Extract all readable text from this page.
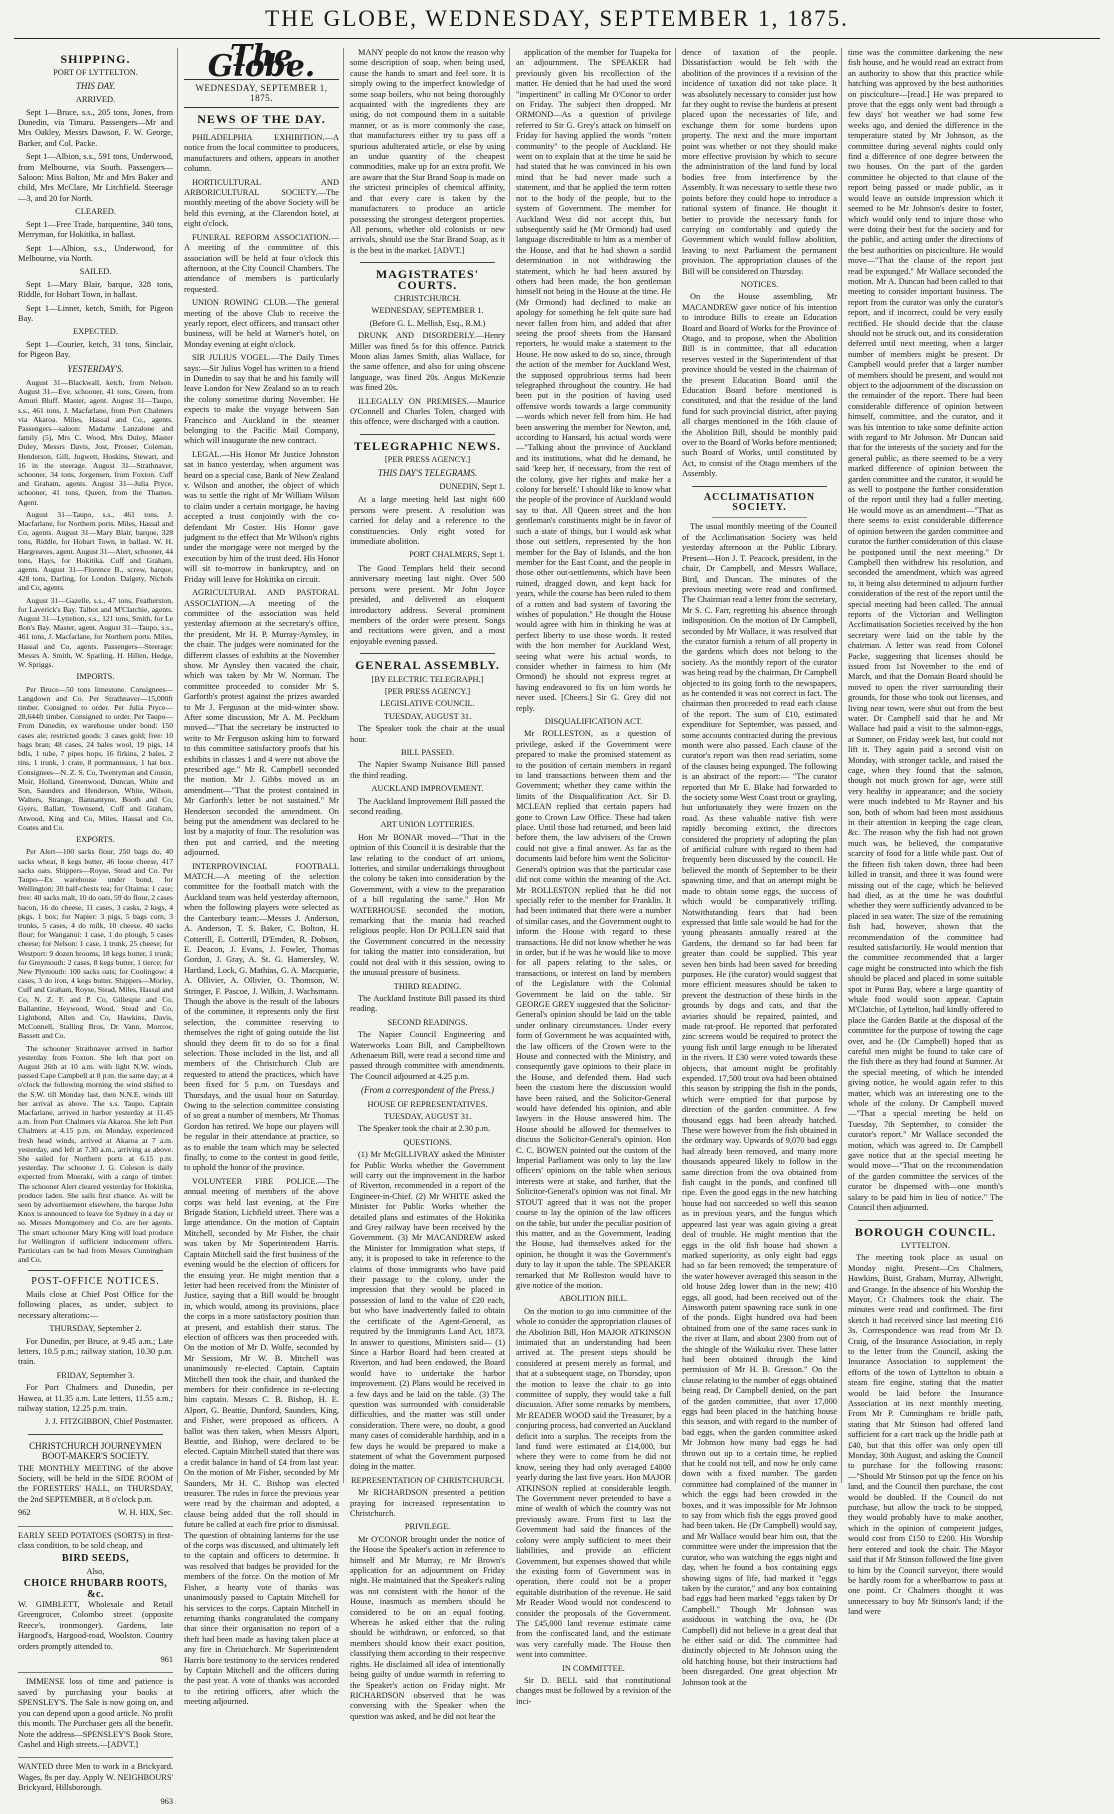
THE GLOBE, WEDNESDAY, SEPTEMBER 1, 1875.
SHIPPING.
PORT OF LYTTELTON.
THIS DAY.
ARRIVED.

Sept 1—Bruce, s.s., 205 tons, Jones, from Dunedin, via Timaru. Passengers—Mr and Mrs Oakley, Messrs Dawson, F. W. George, Barker, and Col. Packe.

Sept 1—Albion, s.s., 591 tons, Underwood, from Melbourne, via South. Passengers—Saloon: Miss Bolton, Mr and Mrs Baker and child, Mrs McClare, Mr Litchfield. Steerage—3, and 20 for North.

CLEARED.

Sept 1—Free Trade, barquentine, 340 tons, Merryman, for Hokitika, in ballast.

Sept 1—Albion, s.s., Underwood, for Melbourne, via North.

SAILED.

Sept 1—Mary Blair, barque, 328 tons, Riddle, for Hobart Town, in ballast.

Sept 1—Linnet, ketch, Smith, for Pigeon Bay.

EXPECTED.

Sept 1—Courier, ketch, 31 tons, Sinclair, for Pigeon Bay.

YESTERDAY'S.

August 31—Blackwall, ketch, from Nelson. August 31—Eve, schooner, 41 tons, Green, from Amuri Bluff. Master, agent. August 31—Taupo, s.s., 461 tons, J. Macfarlane, from Port Chalmers via Akaroa. Miles, Hassal and Co., agents. Passengers—saloon: Madame Lanzalone and family (5), Mrs C. Wood, Mrs Duley, Master Duley, Messrs Davis, Jost, Prosser, Coleman, Henderson, Gill, Jugwett, Hoskins, Stewart, and 16 in the steerage. August 31—Strathnaver, schooner, 34 tons, Jorgensen, from Foxton. Cuff and Graham, agents. August 31—Julia Pryce, schooner, 41 tons, Queen, from the Thames. Agent.

August 31—Taupo, s.s., 461 tons, J. Macfarlane, for Northern ports. Miles, Hassal and Co, agents. August 31—Mary Blair, barque, 328 tons, Riddle, for Hobart Town, in ballast. W. H. Hargreaves, agent. August 31—Alert, schooner, 44 tons, Hays, for Hokitika. Cuff and Graham, agents. August 31—Florence B., screw, barque, 428 tons, Darling, for London. Dalgety, Nichols and Co, agents.

August 31—Gazelle, s.s., 47 tons, Featherston, for Laverick's Bay. Talbot and M'Clatchie, agents. August 31—Lyttelton, s.s., 121 tons, Smith, for Le Bon's Bay. Master, agent. August 31—Taupo, s.s., 461 tons, J. Macfarlane, for Northern ports. Miles, Hassal and Co, agents. Passengers—Steerage: Messrs A. Smith, W. Sparling, H. Hillen, Hedge, W. Spriggs.

IMPORTS.

Per Bruce—50 tons limestone. Consignees—Langdown and Co. Per Strathnaver—15,000ft timber. Consigned to order. Per Julia Pryce—28,644ft timber. Consigned to order. Per Taupo—From Dunedin, ex warehouse under bond: 150 cases ale; restricted goods: 3 cases gold; free: 10 bags bran; 48 cases, 24 bales wool, 19 pigs, 14 bdls, 1 tube, 7 pipes hops, 16 firkins, 2 bales, 2 tins, 1 trunk, 1 crate, 8 portmanteaux, 1 hat box. Consignees—N. Z. S. Co, Twentyman and Cousin, Moir, Holland, Greenwood, Duncan, White and Son, Saunders and Henderson, White, Wilson, Walters, Strange, Bannantyne, Booth and Co, Gyers, Ballatt, Townsend, Cuff and Graham, Atwood, King and Co, Miles, Hassal and Co, Coates and Co.

EXPORTS.

Per Alert—100 sacks flour, 250 bags do, 40 sacks wheat, 8 kegs butter, 46 loose cheese, 417 sacks oats. Shippers—Royse, Stead and Co. Per Taupo—Ex warehouse under bond, for Wellington: 30 half-chests tea; for Otaima: 1 case; free: 40 sacks malt, 10 do oats, 59 do flour, 2 cases bacon, 16 do cheese, 11 cases, 3 casks, 2 kegs, 4 pkgs, 1 box; for Napier: 3 pigs, 5 bags corn, 3 trunks, 5 cases, 4 do milk, 10 cheese, 40 sacks flour; for Wanganui: 1 case, 1 do plough, 5 cases cheese; for Nelson: 1 case, 1 trunk, 25 cheese; for Westport: 9 dozen brooms, 18 kegs butter, 1 trunk; for Greymouth: 2 cases, 8 kegs butter, 1 tierce; for New Plymouth: 100 sacks oats; for Coolingow: 4 cases, 3 do iron, 4 kegs butter. Shippers—Morley, Cuff and Graham, Royse, Stead, Miles, Hassal and Co, N. Z. F. and P. Co, Gillespie and Co, Ballantine, Heywood, Wood, Stead and Co, Lightbond, Allen and Co, Hawkins, Davis, McConnell, Stalling Bros, Dr Vann, Morrow, Bassett and Co.

The schooner Strathnaver arrived in harbor yesterday from Foxton. She left that port on August 26th at 10 a.m. with light N.W. winds, passed Cape Campbell at 8 p.m. the same day; at 4 o'clock the following morning the wind shifted to the S.W. till Monday last, then N.N.E. winds till her arrival as above. The s.s. Taupo, Captain Macfarlane, arrived in harbor yesterday at 11.45 a.m. from Port Chalmers via Akaroa. She left Port Chalmers at 4.15 p.m. on Monday, experienced fresh head winds, arrived at Akaroa at 7 a.m. yesterday, and left at 7.30 a.m., arriving as above. She sailed for Northern ports at 6.15 p.m. yesterday. The schooner J. G. Coleson is daily expected from Moeraki, with a cargo of timber. The schooner Alert cleared yesterday for Hokitika, produce laden. She sails first chance. As will be seen by advertisement elsewhere, the barque John Knox is announced to leave for Sydney in a day or so. Messrs Montgomery and Co. are her agents. The smart schooner Mary King will load produce for Wellington if sufficient inducement offers. Particulars can be had from Messrs Cunningham and Co.

POST-OFFICE NOTICES.

Mails close at Chief Post Office for the following places, as under, subject to necessary alterations:—

THURSDAY, September 2.

For Dunedin, per Bruce, at 9.45 a.m.; Late letters, 10.5 p.m.; railway station, 10.30 p.m. train.

FRIDAY, September 3.

For Port Chalmers and Dunedin, per Hawea, at 11.35 a.m. Late letters, 11.55 a.m.; railway station, 12.25 p.m. train.

J. J. FITZGIBBON, Chief Postmaster.

CHRISTCHURCH JOURNEYMEN BOOT-MAKER'S SOCIETY.

THE MONTHLY MEETING of the above Society, will be held in the SIDE ROOM of the FORESTERS' HALL, on THURSDAY, the 2nd SEPTEMBER, at 8 o'clock p.m.

962	W. H. HIX, Sec.

EARLY SEED POTATOES (SORTS) in first-class condition, to be sold cheap, and

BIRD SEEDS,
Also,
CHOICE RHUBARB ROOTS, &c.

W. GIMBLETT, Wholesale and Retail Greengrocer, Colombo street (opposite Reece's, ironmonger). Gardens, late Hargood's, Hargood-road, Woolston. Country orders promptly attended to.

961

IMMENSE loss of time and patience is saved by purchasing your books at SPENSLEY'S. The Sale is now going on, and you can depend upon a good article. No profit this month. The Purchaser gets all the benefit. Note the address—SPENSLEY'S Book Store, Cashel and High streets.—[ADVT.]

WANTED three Men to work in a Brickyard. Wages, 8s per day. Apply W. NEIGHBOURS' Brickyard, Hillsborough.

963

The Globe.
WEDNESDAY, SEPTEMBER 1, 1875.
NEWS OF THE DAY.

PHILADELPHIA EXHIBITION.—A notice from the local committee to producers, manufacturers and others, appears in another column.

HORTICULTURAL AND ARBORICULTURAL SOCIETY.—The monthly meeting of the above Society will be held this evening, at the Clarendon hotel, at eight o'clock.

FUNERAL REFORM ASSOCIATION.—A meeting of the committee of this association will be held at four o'clock this afternoon, at the City Council Chambers. The attendance of members is particularly requested.

UNION ROWING CLUB.—The general meeting of the above Club to receive the yearly report, elect officers, and transact other business, will be held at Warner's hotel, on Monday evening at eight o'clock.

SIR JULIUS VOGEL.—The Daily Times says:—Sir Julius Vogel has written to a friend in Dunedin to say that he and his family will leave London for New Zealand so as to reach the colony sometime during November. He expects to make the voyage between San Francisco and Auckland in the steamer belonging to the Pacific Mail Company, which will inaugurate the new contract.

LEGAL.—His Honor Mr Justice Johnston sat in banco yesterday, when argument was heard on a special case, Bank of New Zealand v. Wilson and another, the object of which was to settle the right of Mr William Wilson to claim under a certain mortgage, he having accepted a trust conjointly with the co-defendant Mr Coster. His Honor gave judgment to the effect that Mr Wilson's rights under the mortgage were not merged by the execution by him of the trust deed. His Honor will sit to-morrow in bankruptcy, and on Friday will leave for Hokitika on circuit.

AGRICULTURAL AND PASTORAL ASSOCIATION.—A meeting of the committee of the association was held yesterday afternoon at the secretary's office, the president, Mr H. P. Murray-Aynsley, in the chair. The judges were nominated for the different classes of exhibits at the November show. Mr Aynsley then vacated the chair, which was taken by Mr W. Norman. The committee proceeded to consider Mr S. Garforth's protest against the prizes awarded to Mr J. Ferguson at the mid-winter show. After some discussion, Mr A. M. Peckham moved—"That the secretary be instructed to write to Mr Ferguson asking him to forward to this committee satisfactory proofs that his exhibits in classes 1 and 4 were not above the prescribed age." Mr R. Campbell seconded the motion. Mr J. Gibbs moved as an amendment—"That the protest contained in Mr Garforth's letter be not sustained." Mr Henderson seconded the amendment. On being put the amendment was declared to be lost by a majority of four. The resolution was then put and carried, and the meeting adjourned.

INTERPROVINCIAL FOOTBALL MATCH.—A meeting of the selection committee for the football match with the Auckland team was held yesterday afternoon, when the following players were selected as the Canterbury team:—Messrs J. Anderson, A. Anderson, T. S. Baker, C. Bolton, H. Cotterill, E. Cotterill, D'Emden, R. Dobson, E. Deacon, J. Evans, J. Fowler, Thomas Gordon, J. Gray, A. St. G. Hamersley, W. Hartland, Lock, G. Mathias, G. A. Macquarie, A. Ollivier, A. Ollivier, O. Thomson, W. Stringer, F. Pascoe, J. Wilkin, J. Wachsmann. Though the above is the result of the labours of the committee, it represents only the first selection, the committee reserving to themselves the right of going outside the list should they deem fit to do so for a final selection. Those included in the list, and all members of the Christchurch Club are requested to attend the practices, which have been fixed for 5 p.m. on Tuesdays and Thursdays, and the usual hour on Saturday. Owing to the selection committee consisting of so great a number of members, Mr Thomas Gordon has retired. We hope our players will be regular in their attendance at practice, so as to enable the team which may be selected finally, to come to the contest in good fettle, to uphold the honor of the province.

VOLUNTEER FIRE POLICE.—The annual meeting of members of the above corps was held last evening, at the Fire Brigade Station, Lichfield street. There was a large attendance. On the motion of Captain Mitchell, seconded by Mr Fisher, the chair was taken by Mr Superintendent Harris. Captain Mitchell said the first business of the evening would be the election of officers for the ensuing year. He might mention that a letter had been received from the Minister of Justice, saying that a Bill would be brought in, which would, among its provisions, place the corps in a more satisfactory position than at present, and establish their status. The election of officers was then proceeded with. On the motion of Mr D. Wolfe, seconded by Mr Sessions, Mr W. B. Mitchell was unanimously re-elected Captain. Captain Mitchell then took the chair, and thanked the members for their confidence in re-electing him captain. Messrs C. B. Bishop, H. E. Alport, G. Beattie, Dunford, Saunders, King, and Fisher, were proposed as officers. A ballot was then taken, when Messrs Alport, Beattie, and Bishop, were declared to be elected. Captain Mitchell stated that there was a credit balance in hand of £4 from last year. On the motion of Mr Fisher, seconded by Mr Saunders, Mr H. C. Bishop was elected treasurer. The rules in force the previous year were read by the chairman and adopted, a clause being added that the roll should in future be called at each fire prior to dismissal. The question of obtaining lanterns for the use of the corps was discussed, and ultimately left to the captain and officers to determine. It was resolved that badges be provided for the members of the force. On the motion of Mr Fisher, a hearty vote of thanks was unanimously passed to Captain Mitchell for his services to the corps. Captain Mitchell in returning thanks congratulated the company that since their organisation no report of a theft had been made as having taken place at any fire in Christchurch. Mr Superintendent Harris bore testimony to the services rendered by Captain Mitchell and the officers during the past year. A vote of thanks was accorded to the retiring officers, after which the meeting adjourned.

MANY people do not know the reason why some description of soap, when being used, cause the hands to smart and feel sore. It is simply owing to the imperfect knowledge of some soap boilers, who not being thoroughly acquainted with the ingredients they are using, do not compound them in a suitable manner, or as is more commonly the case, that manufacturers either try to pass off a spurious adulterated article, or else by using an undue quantity of the cheapest commodities, make up for an extra profit. We are aware that the Star Brand Soap is made on the strictest principles of chemical affinity, and that every care is taken by the manufacturers to produce an article possessing the strongest detergent properties. All persons, whether old colonists or new arrivals, should use the Star Brand Soap, as it is the best in the market. [ADVT.]

MAGISTRATES' COURTS.
CHRISTCHURCH.
WEDNESDAY, SEPTEMBER 1.
(Before G. L. Mellish, Esq., R.M.)

DRUNK AND DISORDERLY.—Henry Miller was fined 5s for this offence. Patrick Moon alias James Smith, alias Wallace, for the same offence, and also for using obscene language, was fined 20s. Angus McKenzie was fined 20s.

ILLEGALLY ON PREMISES.—Maurice O'Connell and Charles Tolen, charged with this offence, were discharged with a caution.

TELEGRAPHIC NEWS.
[PER PRESS AGENCY.]
THIS DAY'S TELEGRAMS.

DUNEDIN, Sept 1.

At a large meeting held last night 600 persons were present. A resolution was carried for delay and a reference to the constituencies. Only eight voted for immediate abolition.

PORT CHALMERS, Sept 1.

The Good Templars held their second anniversary meeting last night. Over 500 persons were present. Mr John Joyce presided, and delivered an eloquent introductory address. Several prominent members of the order were present. Songs and recitations were given, and a most enjoyable evening passed.

GENERAL ASSEMBLY.
[BY ELECTRIC TELEGRAPH.]
[PER PRESS AGENCY.]
LEGISLATIVE COUNCIL.
TUESDAY, AUGUST 31.

The Speaker took the chair at the usual hour.

BILL PASSED.

The Napier Swamp Nuisance Bill passed the third reading.

AUCKLAND IMPROVEMENT.

The Auckland Improvement Bill passed the second reading.

ART UNION LOTTERIES.

Hon Mr BONAR moved—"That in the opinion of this Council it is desirable that the law relating to the conduct of art unions, lotteries, and similar undertakings throughout the colony be taken into consideration by the Government, with a view to the preparation of a bill regulating the same." Hon Mr WATERHOUSE seconded the motion, remarking that the mania had reached religious people. Hon Dr POLLEN said that the Government concurred in the necessity for taking the matter into consideration, but could not deal with it this session, owing to the unusual pressure of business.

THIRD READING.

The Auckland Institute Bill passed its third reading.

SECOND READINGS.

The Napier Council Engineering and Waterworks Loan Bill, and Campbelltown Athenaeum Bill, were read a second time and passed through committee with amendments. The Council adjourned at 4.25 p.m.

(From a correspondent of the Press.)
HOUSE OF REPRESENTATIVES.
TUESDAY, AUGUST 31.

The Speaker took the chair at 2.30 p.m.

QUESTIONS.

(1) Mr McGILLIVRAY asked the Minister for Public Works whether the Government will carry out the improvement in the harbor of Riverton, recommended in a report of the Engineer-in-Chief. (2) Mr WHITE asked the Minister for Public Works whether the detailed plans and estimates of the Hokitika and Grey railway have been received by the Government. (3) Mr MACANDREW asked the Minister for Immigration what steps, if any, it is proposed to take in reference to the claims of those immigrants who have paid their passage to the colony, under the impression that they would be placed in possession of land to the value of £20 each, but who have inadvertently failed to obtain the certificate of the Agent-General, as required by the Immigrants Land Act, 1873. In answer to questions, Ministers said— (1) Since a Harbor Board had been created at Riverton, and had been endowed, the Board would have to undertake the harbor improvement. (2) Plans would be received in a few days and be laid on the table. (3) The question was surrounded with considerable difficulties, and the matter was still under consideration. There were, no doubt, a good many cases of considerable hardship, and in a few days he would be prepared to make a statement of what the Government purposed doing in the matter.

REPRESENTATION OF CHRISTCHURCH.

Mr RICHARDSON presented a petition praying for increased representation to Christchurch.

PRIVILEGE.

Mr O'CONOR brought under the notice of the House the Speaker's action in reference to himself and Mr Murray, re Mr Brown's application for an adjournment on Friday night. He maintained that the Speaker's ruling was not consistent with the honor of the House, inasmuch as members should be considered to be on an equal footing. Whereas he asked either that the ruling should be withdrawn, or enforced, so that members should know their exact position, classifying them according to their respective rights. He disclaimed all idea of intentionally being guilty of undue warmth in referring to the Speaker's action on Friday night. Mr RICHARDSON observed that he was conversing with the Speaker when the question was asked, and he did not hear the

application of the member for Tuapeka for an adjournment. The SPEAKER had previously given his recollection of the matter. He denied that he had used the word "impertinent" in calling Mr O'Conor to order on Friday. The subject then dropped. Mr ORMOND—As a question of privilege referred to Sir G. Grey's attack on himself on Friday for having applied the words "rotten community" to the people of Auckland. He went on to explain that at the time he said he had stated that he was convinced in his own mind that he had never made such a statement, and that he applied the term rotten not to the body of the people, but to the system of Government. The member for Auckland West did not accept this, but subsequently said he (Mr Ormond) had used language discreditable to him as a member of the House, and that he had shown a sordid determination in not withdrawing the statement, which he had been assured by others had been made, the hon gentleman himself not being in the House at the time. He (Mr Ormond) had declined to make an apology for something he felt quite sure had never fallen from him, and added that after seeing the proof sheets from the Hansard reporters, he would make a statement to the House. He now asked to do so, since, through the action of the member for Auckland West, the supposed opprobrious terms had been telegraphed throughout the country. He had been put in the position of having used offensive words towards a large community—words which never fell from him. He had been answering the member for Newton, and, according to Hansard, his actual words were—"Talking about the province of Auckland and its institutions, what did he demand, he said 'keep her, if necessary, from the rest of the colony, give her rights and make her a colony for herself.' I should like to know what the people of the province of Auckland would say to that. All Queen street and the hon gentleman's constituents might be in favor of such a state of things, but I would ask what those out settlers, represented by the hon member for the Bay of Islands, and the hon member for the East Coast, and the people in those other out-settlements, which have been ruined, dragged down, and kept back for years, while the course has been ruled to them of a rotten and bad system of favoring the wishes of population." He thought the House would agree with him in thinking he was at perfect liberty to use those words. It rested with the hon member for Auckland West, seeing what were his actual words, to consider whether in fairness to him (Mr Ormond) he should not express regret at having endeavored to fix on him words he never used. [Cheers.] Sir G. Grey did not reply.

DISQUALIFICATION ACT.

Mr ROLLESTON, as a question of privilege, asked if the Government were prepared to make the promised statement as to the position of certain members in regard to land transactions between them and the Government; whether they came within the limits of the Disqualification Act. Sir D. MCLEAN replied that certain papers had gone to Crown Law Office. These had taken place. Until those had returned, and been laid before them, the law advisers of the Crown could not give a final answer. As far as the documents laid before him went the Solicitor-General's opinion was that the particular case did not come within the meaning of the Act. Mr ROLLESTON replied that he did not specially refer to the member for Franklin. It had been intimated that there were a number of similar cases, and the Government ought to inform the House with regard to these transactions. He did not know whether he was in order, but if he was he would like to move for all papers relating to the sales, or transactions, or interest on land by members of the Legislature with the Colonial Government be laid on the table. Sir GEORGE GREY suggested that the Solicitor-General's opinion should be laid on the table under ordinary circumstances. Under every form of Government he was acquainted with, the law officers of the Crown were to the House and connected with the Ministry, and consequently gave opinions to their place in the House, and defended them. Had such been the custom here the discussion would have been raised, and the Solicitor-General would have defended his opinion, and able lawyers in the House answered him. The House should be allowed for themselves to discuss the Solicitor-General's opinion. Hon C. C. BOWEN pointed out the custom of the Imperial Parliament was only to lay the law officers' opinions on the table when serious interests were at stake, and further, that the Solicitor-General's opinion was not final. Mr STOUT agreed that it was not the proper course to lay the opinion of the law officers on the table, but under the peculiar position of this matter, and as the Government, leading the House, had themselves asked for the opinion, he thought it was the Government's duty to lay it upon the table. The SPEAKER remarked that Mr Rolleston would have to give notice of the motion.

ABOLITION BILL.

On the motion to go into committee of the whole to consider the appropriation clauses of the Abolition Bill, Hon MAJOR ATKINSON intimated that an understanding had been arrived at. The present steps should be considered at present merely as formal, and that at a subsequent stage, on Thursday, upon the motion to leave the chair to go into committee of supply, they would take a full discussion. After some remarks by members, Mr READER WOOD said the Treasurer, by a conjuring process, had converted an Auckland deficit into a surplus. The receipts from the land fund were estimated at £14,000, but where they were to come from he did not know, seeing they had only averaged £4000 yearly during the last five years. Hon MAJOR ATKINSON replied at considerable length. The Government never pretended to have a mine of wealth of which the country was not previously aware. From first to last the Government had said the finances of the colony were amply sufficient to meet their liabilities, and provide an efficient Government, but expenses showed that while the existing form of Government was in operation, there could not be a proper equitable distribution of the revenue. He said Mr Reader Wood would not condescend to consider the proposals of the Government. The £45,000 land revenue estimate came from the confiscated land, and the estimate was very carefully made. The House then went into committee.

IN COMMITTEE.

Sir D. BELL said that constitutional changes must be followed by a revision of the inci-

dence of taxation of the people. Dissatisfaction would be felt with the abolition of the provinces if a revision of the incidence of taxation did not take place. It was absolutely necessary to consider just how far they ought to revise the burdens at present placed upon the necessaries of life, and exchange them for some burdens upon property. The next and the more important point was whether or not they should make more effective provision by which to secure the administration of the land fund by local bodies free from interference by the Assembly. It was necessary to settle these two points before they could hope to introduce a rational system of finance. He thought it better to provide the necessary funds for carrying on comfortably and quietly the Government which would follow abolition, leaving to next Parliament the permanent provision. The appropriation clauses of the Bill will be considered on Thursday.

NOTICES.

On the House assembling, Mr MACANDREW gave notice of his intention to introduce Bills to create an Education Board and Board of Works for the Province of Otago, and to propose, when the Abolition Bill is in committee, that all education reserves vested in the Superintendent of that province should be vested in the chairman of the present Education Board until the Education Board before mentioned is constituted, and that the residue of the land fund for such provincial district, after paying all charges mentioned in the 16th clause of the Abolition Bill, should be monthly paid over to the Board of Works before mentioned; such Board of Works, until constituted by Act, to consist of the Otago members of the Assembly.

ACCLIMATISATION SOCIETY.

The usual monthly meeting of the Council of the Acclimatisation Society was held yesterday afternoon at the Public Library. Present—Hon J. T. Peacock, president, in the chair, Dr Campbell, and Messrs Wallace, Bird, and Duncan. The minutes of the previous meeting were read and confirmed. The Chairman read a letter from the secretary, Mr S. C. Farr, regretting his absence through indisposition. On the motion of Dr Campbell, seconded by Mr Wallace, it was resolved that the curator furnish a return of all property in the gardens which does not belong to the society. As the monthly report of the curator was being read by the chairman, Dr Campbell objected to its going forth to the newspapers, as he contended it was not correct in fact. The chairman then proceeded to read each clause of the report. The sum of £10, estimated expenditure for September, was passed, and some accounts contracted during the previous month were also passed. Each clause of the curator's report was then read seriatim, some of the clauses being expunged. The following is an abstract of the report:— "The curator reported that Mr E. Blake had forwarded to the society some West Coast trout or grayling, but unfortunately they were frozen on the road. As these valuable native fish were rapidly becoming extinct, the directors considered the propriety of adopting the plan of artificial culture with regard to them had frequently been discussed by the council. He believed the month of September to be their spawning time, and that an attempt might be made to obtain some eggs, the success of which would be comparatively trifling. Notwithstanding fears that had been expressed that little sale would be had for the young pheasants annually reared at the Gardens, the demand so far had been far greater than could be supplied. This year seven hen birds had been saved for breeding purposes. He (the curator) would suggest that more efficient measures should be taken to prevent the destruction of these birds in the grounds by dogs and cats, and that the aviaries should be repaired, painted, and made rat-proof. He reported that perforated zinc screens would be required to protect the young fish until large enough to be liberated in the rivers. If £30 were voted towards these objects, that amount might be profitably expended. 17,500 trout ova had been obtained this season by stripping the fish in the ponds, which were emptied for that purpose by direction of the garden committee. A few thousand eggs had been already hatched. These were however from the fish obtained in the ordinary way. Upwards of 9,070 bad eggs had already been removed, and many more thousands appeared likely to follow in the same direction from the ova obtained from fish caught in the ponds, and confined till ripe. Even the good eggs in the new hatching house had not succeeded so well this season as in previous years, and the fungus which appeared last year was again giving a great deal of trouble. He might mention that the eggs in the old fish house had shown a marked superiority, as only eight bad eggs had so far been removed; the temperature of the water however averaged this season in the old house 2deg lower than in the new; 410 eggs, all good, had been received out of the Ainsworth patent spawning race sunk in one of the ponds. Eight hundred ova had been obtained from one of the same races sunk in the river at Ilam, and about 2300 from out of the shingle of the Waikuku river. These latter had been obtained through the kind permission of Mr H. B. Gresson." On the clause relating to the number of eggs obtained being read, Dr Campbell denied, on the part of the garden committee, that over 17,000 eggs had been placed in the hatching house this season, and with regard to the number of bad eggs, when the garden committee asked Mr Johnson how many bad eggs he had thrown out up to a certain time, he replied that he could not tell, and now he only came down with a fixed number. The garden committee had complained of the manner in which the eggs had been crowded in the boxes, and it was impossible for Mr Johnson to say from which fish the eggs proved good had been taken. He (Dr Campbell) would say, and Mr Wallace would bear him out, that the committee were under the impression that the curator, who was watching the eggs night and day, when he found a box containing eggs showing signs of life, had marked it "eggs taken by the curator," and any box containing bad eggs had been marked "eggs taken by Dr Campbell." Though Mr Johnson was assiduous in watching the ova, he (Dr Campbell) did not believe in a great deal that he either said or did. The committee had distinctly objected to Mr Johnson using the old hatching house, but their instructions had been disregarded. One great objection Mr Johnson took at the

time was the committee darkening the new fish house, and he would read an extract from an authority to show that this practice while hatching was approved by the best authorities on pisciculture—[read.] He was prepared to prove that the eggs only went bad through a few days' hot weather we had some few weeks ago, and denied the difference in the temperature stated by Mr Johnson, as the committee during several nights could only find a difference of one degree between the two houses. On the part of the garden committee he objected to that clause of the report being passed or made public, as it would leave an outside impression which it seemed to be Mr Johnson's desire to foster, which would only tend to injure those who were doing their best for the society and for the public, and acting under the directions of the best authorities on pisciculture. He would move—"That the clause of the report just read be expunged." Mr Wallace seconded the motion. Mr A. Duncan had been called to that meeting to consider important business. The report from the curator was only the curator's report, and if incorrect, could be very easily rectified. He should decide that the clause should not be struck out, and its consideration deferred until next meeting, when a larger number of members might be present. Dr Campbell would prefer that a larger number of members should be present, and would not object to the adjournment of the discussion on the remainder of the report. There had been considerable difference of opinion between himself, committee, and the curator, and it was his intention to take some definite action with regard to Mr Johnson. Mr Duncan said that for the interests of the society and for the general public, as there seemed to be a very marked difference of opinion between the garden committee and the curator, it would be as well to postpone the further consideration of the report until they had a fuller meeting. He would move as an amendment—"That as there seems to exist considerable difference of opinion between the garden committee and curator the further consideration of this clause be postponed until the next meeting." Dr Campbell then withdrew his resolution, and seconded the amendment, which was agreed to, it being also determined to adjourn further consideration of the rest of the report until the special meeting had been called. The annual reports of the Victorian and Wellington Acclimatisation Societies received by the hon secretary were laid on the table by the chairman. A letter was read from Colonel Packe, suggesting that licenses should be issued from 1st November to the end of March, and that the Domain Board should be moved to open the river surrounding their grounds, for those who took out licenses, and living near town, were shut out from the best water. Dr Campbell said that he and Mr Wallace had paid a visit to the salmon-eggs, at Sumner, on Friday week last, but could not lift it. They again paid a second visit on Monday, with stronger tackle, and raised the cage, when they found that the salmon, though not much grown for age, were still very healthy in appearance; and the society were much indebted to Mr Rayner and his son, both of whom had been most assiduous in their attention in keeping the cage clean, &c. The reason why the fish had not grown much was, he believed, the comparative scarcity of food for a little while past. Out of the fifteen fish taken down, three had been killed in transit, and three it was found were missing out of the cage, which he believed had died, as at the time he was doubtful whether they were sufficiently advanced to be placed in sea water. The size of the remaining fish had, however, shown that the recommendation of the committee had resulted satisfactorily. He would mention that the committee recommended that a larger cage might be constructed into which the fish should be placed and placed in some suitable spot in Purau Bay, where a large quantity of whale food would soon appear. Captain M'Clatchie, of Lyttelton, had kindly offered to place the Garden Battle at the disposal of the committee for the purpose of towing the cage over, and he (Dr Campbell) hoped that as careful men might be found to take care of the fish there as they had found at Sumner. At the special meeting, of which he intended giving notice, he would again refer to this matter, which was an interesting one to the whole of the colony. Dr Campbell moved—"That a special meeting be held on Tuesday, 7th September, to consider the curator's report." Mr Wallace seconded the motion, which was agreed to. Dr Campbell gave notice that at the special meeting he would move—"That on the recommendation of the garden committee the services of the curator be dispensed with—one month's salary to be paid him in lieu of notice." The Council then adjourned.

BOROUGH COUNCIL.
LYTTELTON.

The meeting took place as usual on Monday night. Present—Crs Chalmers, Hawkins, Buist, Graham, Murray, Allwright, and Grange. In the absence of his Worship the Mayor, Cr Chalmers took the chair. The minutes were read and confirmed. The first sketch it had received since last meeting £16 3s. Correspondence was read from Mr D. Craig, of the Insurance Association, in reply to the letter from the Council, asking the Insurance Association to supplement the efforts of the town of Lyttelton to obtain a steam fire engine, stating that the matter would be laid before the Insurance Association at its next monthly meeting. From Mr P. Cunningham re bridle path, stating that Mr Stinson had offered land sufficient for a cart track up the bridle path at £40, but that this offer was only open till Monday, 30th August, and asking the Council to purchase for the following reasons:—"Should Mr Stinson put up the fence on his land, and the Council then purchase, the cost would be doubled. If the Council do not purchase, but allow the track to be stopped, they would probably have to make another, which in the opinion of competent judges, would cost from £150 to £200. His Worship here entered and took the chair. The Mayor said that if Mr Stinson followed the line given to him by the Council surveyor, there would be hardly room for a wheelbarrow to pass at one point. Cr Chalmers thought it was unnecessary to buy Mr Stinson's land; if the land were
